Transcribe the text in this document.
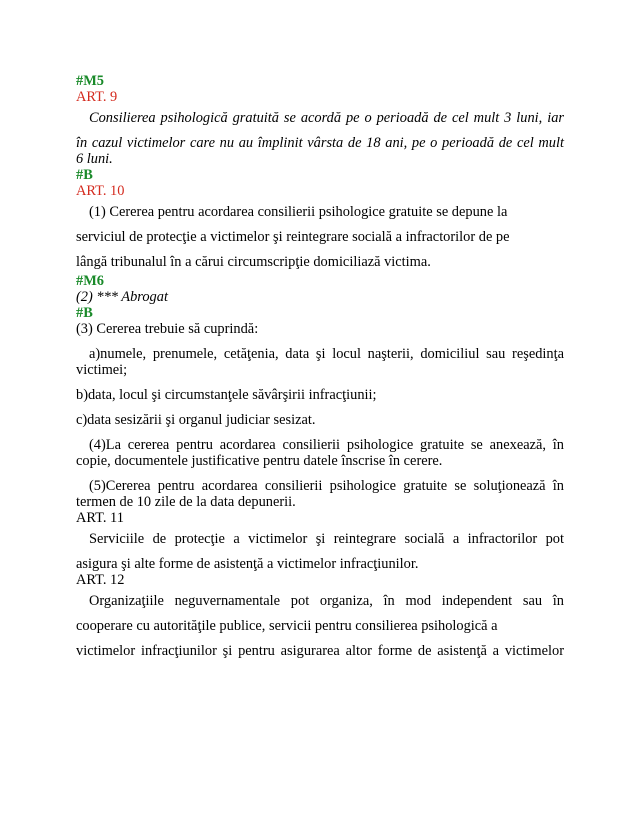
#M5

ART. 9

Consilierea psihologică gratuită se acordă pe o perioadă de cel mult 3 luni, iar

în cazul victimelor care nu au împlinit vârsta de 18 ani, pe o perioadă de cel mult

6 luni.

#B

ART. 10

(1) Cererea pentru acordarea consilierii psihologice gratuite se depune la

serviciul de protecţie a victimelor şi reintegrare socială a infractorilor de pe

lângă tribunalul în a cărui circumscripţie domiciliază victima.

#M6

(2) *** Abrogat

#B

(3) Cererea trebuie să cuprindă:

a)numele, prenumele, cetăţenia, data şi locul naşterii, domiciliul sau reşedinţa

victimei;

b)data, locul şi circumstanţele săvârşirii infracţiunii;

c)data sesizării şi organul judiciar sesizat.

(4)La cererea pentru acordarea consilierii psihologice gratuite se anexează, în

copie, documentele justificative pentru datele înscrise în cerere.

(5)Cererea pentru acordarea consilierii psihologice gratuite se soluţionează în

termen de 10 zile de la data depunerii.

ART. 11

Serviciile de protecţie a victimelor şi reintegrare socială a infractorilor pot

asigura şi alte forme de asistenţă a victimelor infracţiunilor.

ART. 12

Organizaţiile neguvernamentale pot organiza, în mod independent sau în

cooperare cu autorităţile publice, servicii pentru consilierea psihologică a

victimelor infracţiunilor şi pentru asigurarea altor forme de asistenţă a victimelor
